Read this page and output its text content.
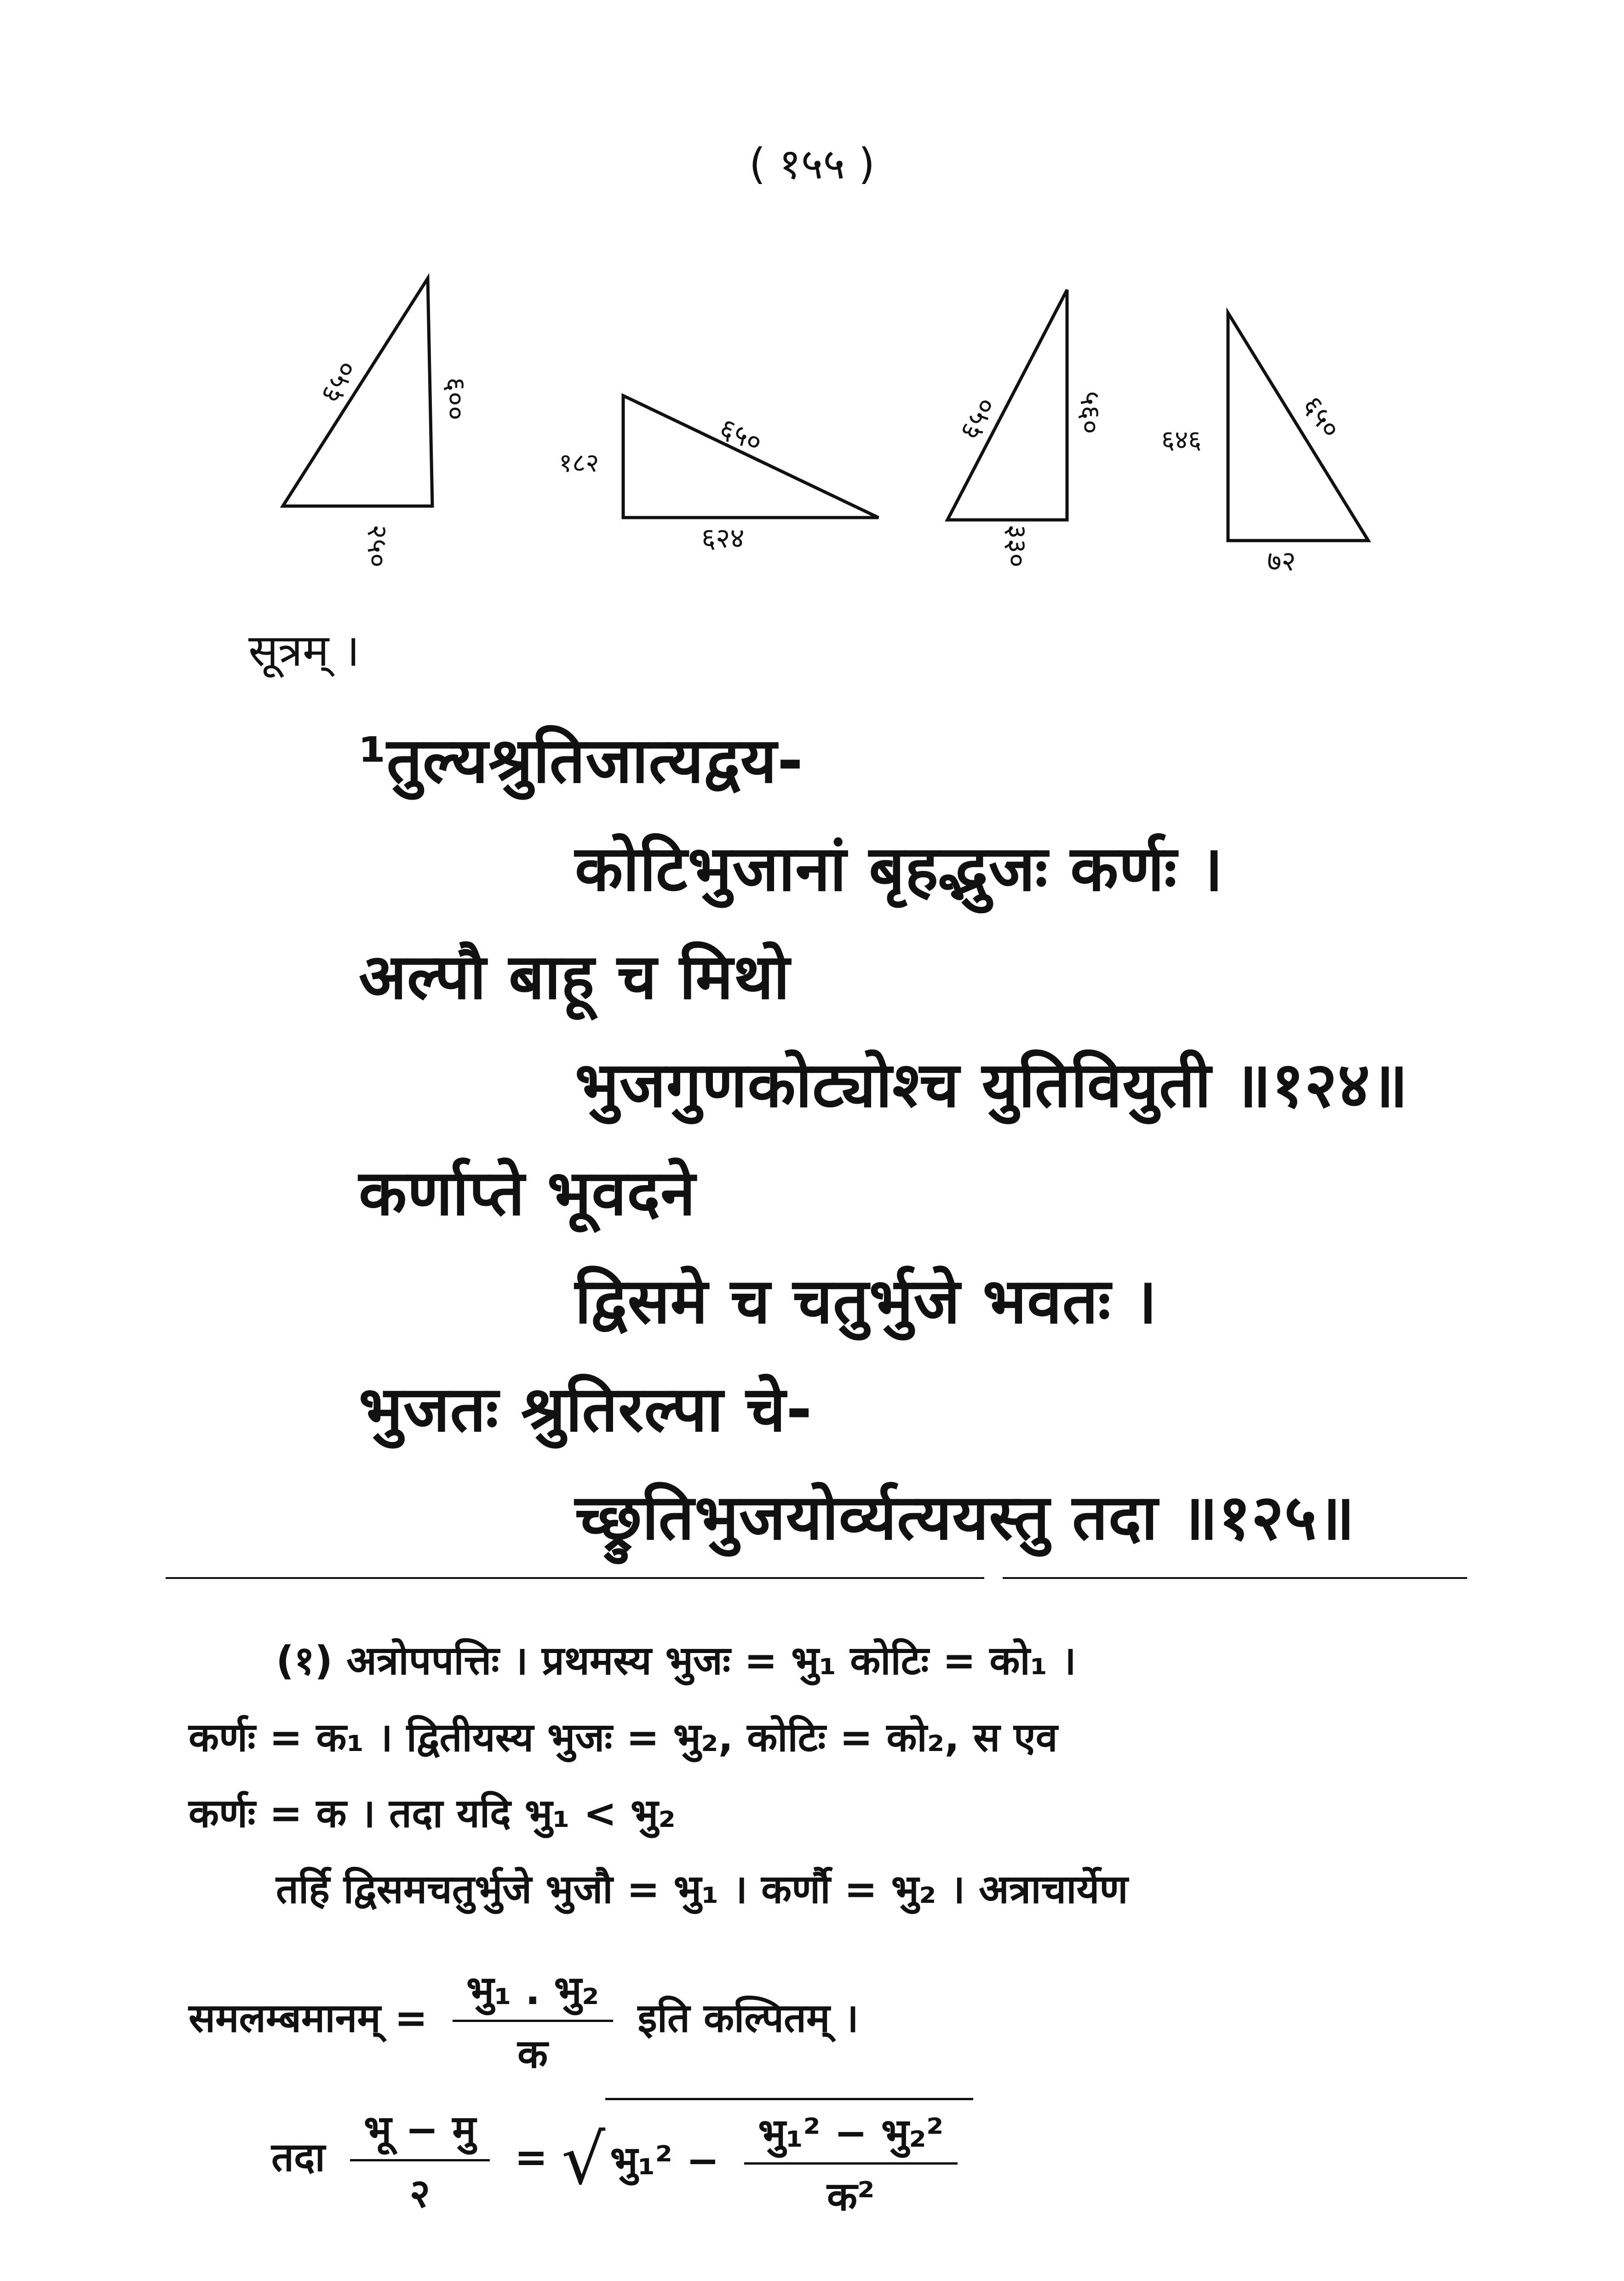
( १५५ )
६५०	६००
२५०
६५०
१८२
६२४
६५०	५६०
३३०
६५०
६४६
७२
सूत्रम् ।
¹तुल्यश्रुतिजात्यद्वय-
कोटिभुजानां बृहद्भुजः कर्णः ।
अल्पौ बाहू च मिथो
भुजगुणकोट्योश्च युतिवियुती ॥१२४॥
कर्णाप्ते भूवदने
द्विसमे च चतुर्भुजे भवतः ।
भुजतः श्रुतिरल्पा चे-
च्छ्रुतिभुजयोर्व्यत्ययस्तु तदा ॥१२५॥
(१) अत्रोपपत्तिः । प्रथमस्य भुजः = भु₁ कोटिः = को₁ ।
कर्णः = क₁ । द्वितीयस्य भुजः = भु₂, कोटिः = को₂, स एव
कर्णः = क । तदा यदि भु₁ < भु₂
तर्हि द्विसमचतुर्भुजे भुजौ = भु₁ । कर्णौ = भु₂ । अत्राचार्येण
समलम्बमानम् = $\frac{\text{भु₁ . भु₂}}{\text{क}}$ इति कल्पितम् ।
तदा $\frac{\text{भू − मु}}{२}$ = √ भु₁² − $\frac{\text{भु₁² − भु₂²}}{\text{क²}}$
